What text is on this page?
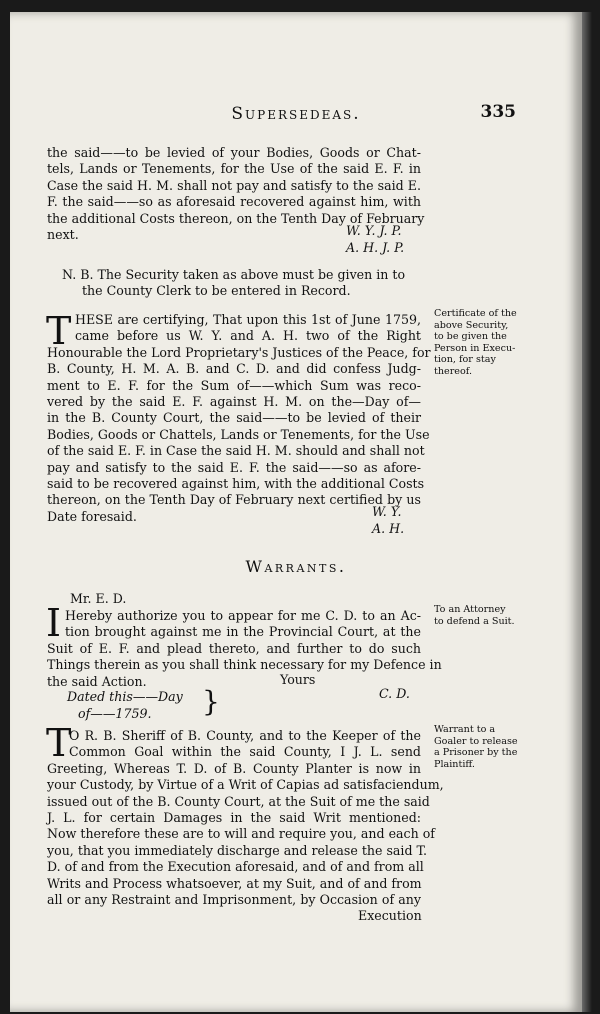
Supersedeas.	335
the said——to be levied of your Bodies, Goods or Chat-
tels, Lands or Tenements, for the Use of the said E. F. in
Case the said H. M. shall not pay and satisfy to the said E.
F. the said——so as aforesaid recovered against him, with
the additional Costs thereon, on the Tenth Day of February
next.	W. Y. J. P.
A. H. J. P.
N. B. The Security taken as above must be given in to
the County Clerk to be entered in Record.
T HESE are certifying, That upon this 1st of June 1759,
came before us W. Y. and A. H. two of the Right
Honourable the Lord Proprietary's Justices of the Peace, for
B. County, H. M. A. B. and C. D. and did confess Judg-
ment to E. F. for the Sum of——which Sum was reco-
vered by the said E. F. against H. M. on the—Day of—
in the B. County Court, the said——to be levied of their
Bodies, Goods or Chattels, Lands or Tenements, for the Use
of the said E. F. in Case the said H. M. should and shall not
pay and satisfy to the said E. F. the said——so as afore-
said to be recovered against him, with the additional Costs
thereon, on the Tenth Day of February next certified by us
Date foresaid.	W. Y.
A. H.
Certificate of the
above Security,
to be given the
Person in Execu-
tion, for stay
thereof.
Warrants.
Mr. E. D.
I Hereby authorize you to appear for me C. D. to an Ac-
tion brought against me in the Provincial Court, at the
Suit of E. F. and plead thereto, and further to do such
Things therein as you shall think necessary for my Defence in
the said Action.	Yours
Dated this——Day
of——1759. }	C. D.
To an Attorney
to defend a Suit.
T
O R. B. Sheriff of B. County, and to the Keeper of the
Common Goal within the said County, I J. L. send
Greeting, Whereas T. D. of B. County Planter is now in
your Custody, by Virtue of a Writ of Capias ad satisfaciendum,
issued out of the B. County Court, at the Suit of me the said
J. L. for certain Damages in the said Writ mentioned:
Now therefore these are to will and require you, and each of
you, that you immediately discharge and release the said T.
D. of and from the Execution aforesaid, and of and from all
Writs and Process whatsoever, at my Suit, and of and from
all or any Restraint and Imprisonment, by Occasion of any
Execution
Warrant to a
Goaler to release
a Prisoner by the
Plaintiff.
